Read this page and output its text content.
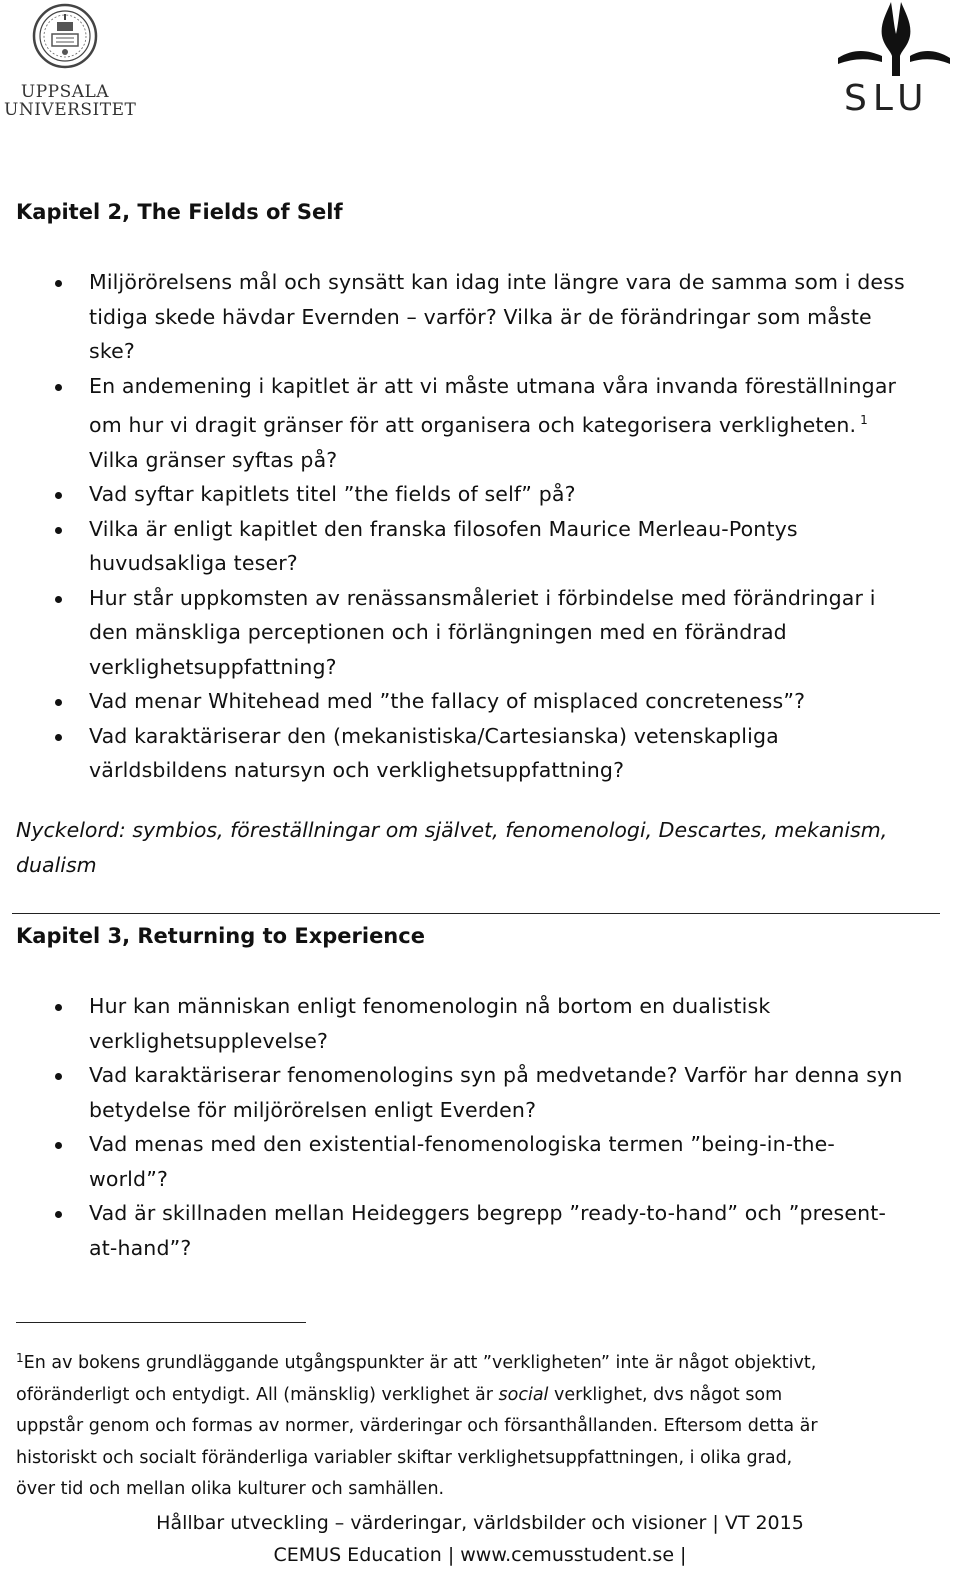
UPPSALA
UNIVERSITET	SLU
Kapitel 2, The Fields of Self
Miljörörelsens mål och synsätt kan idag inte längre vara de samma som i dess
tidiga skede hävdar Evernden – varför? Vilka är de förändringar som måste
ske?
En andemening i kapitlet är att vi måste utmana våra invanda föreställningar
om hur vi dragit gränser för att organisera och kategorisera verkligheten. $^1$
Vilka gränser syftas på?
Vad syftar kapitlets titel ”the fields of self” på?
Vilka är enligt kapitlet den franska filosofen Maurice Merleau-Pontys
huvudsakliga teser?
Hur står uppkomsten av renässansmåleriet i förbindelse med förändringar i
den mänskliga perceptionen och i förlängningen med en förändrad
verklighetsuppfattning?
Vad menar Whitehead med ”the fallacy of misplaced concreteness”?
Vad karaktäriserar den (mekanistiska/Cartesianska) vetenskapliga
världsbildens natursyn och verklighetsuppfattning?

Nyckelord: symbios, föreställningar om självet, fenomenologi, Descartes, mekanism,
dualism

Kapitel 3, Returning to Experience
Hur kan människan enligt fenomenologin nå bortom en dualistisk
verklighetsupplevelse?
Vad karaktäriserar fenomenologins syn på medvetande? Varför har denna syn
betydelse för miljörörelsen enligt Everden?
Vad menas med den existential-fenomenologiska termen ”being-in-the-
world”?
Vad är skillnaden mellan Heideggers begrepp ”ready-to-hand” och ”present-
at-hand”?

$^1$En av bokens grundläggande utgångspunkter är att ”verkligheten” inte är något objektivt,
oföränderligt och entydigt. All (mänsklig) verklighet är social verklighet, dvs något som
uppstår genom och formas av normer, värderingar och försanthållanden. Eftersom detta är
historiskt och socialt föränderliga variabler skiftar verklighetsuppfattningen, i olika grad,
över tid och mellan olika kulturer och samhällen.

Hållbar utveckling – värderingar, världsbilder och visioner | VT 2015
CEMUS Education | www.cemusstudent.se |
